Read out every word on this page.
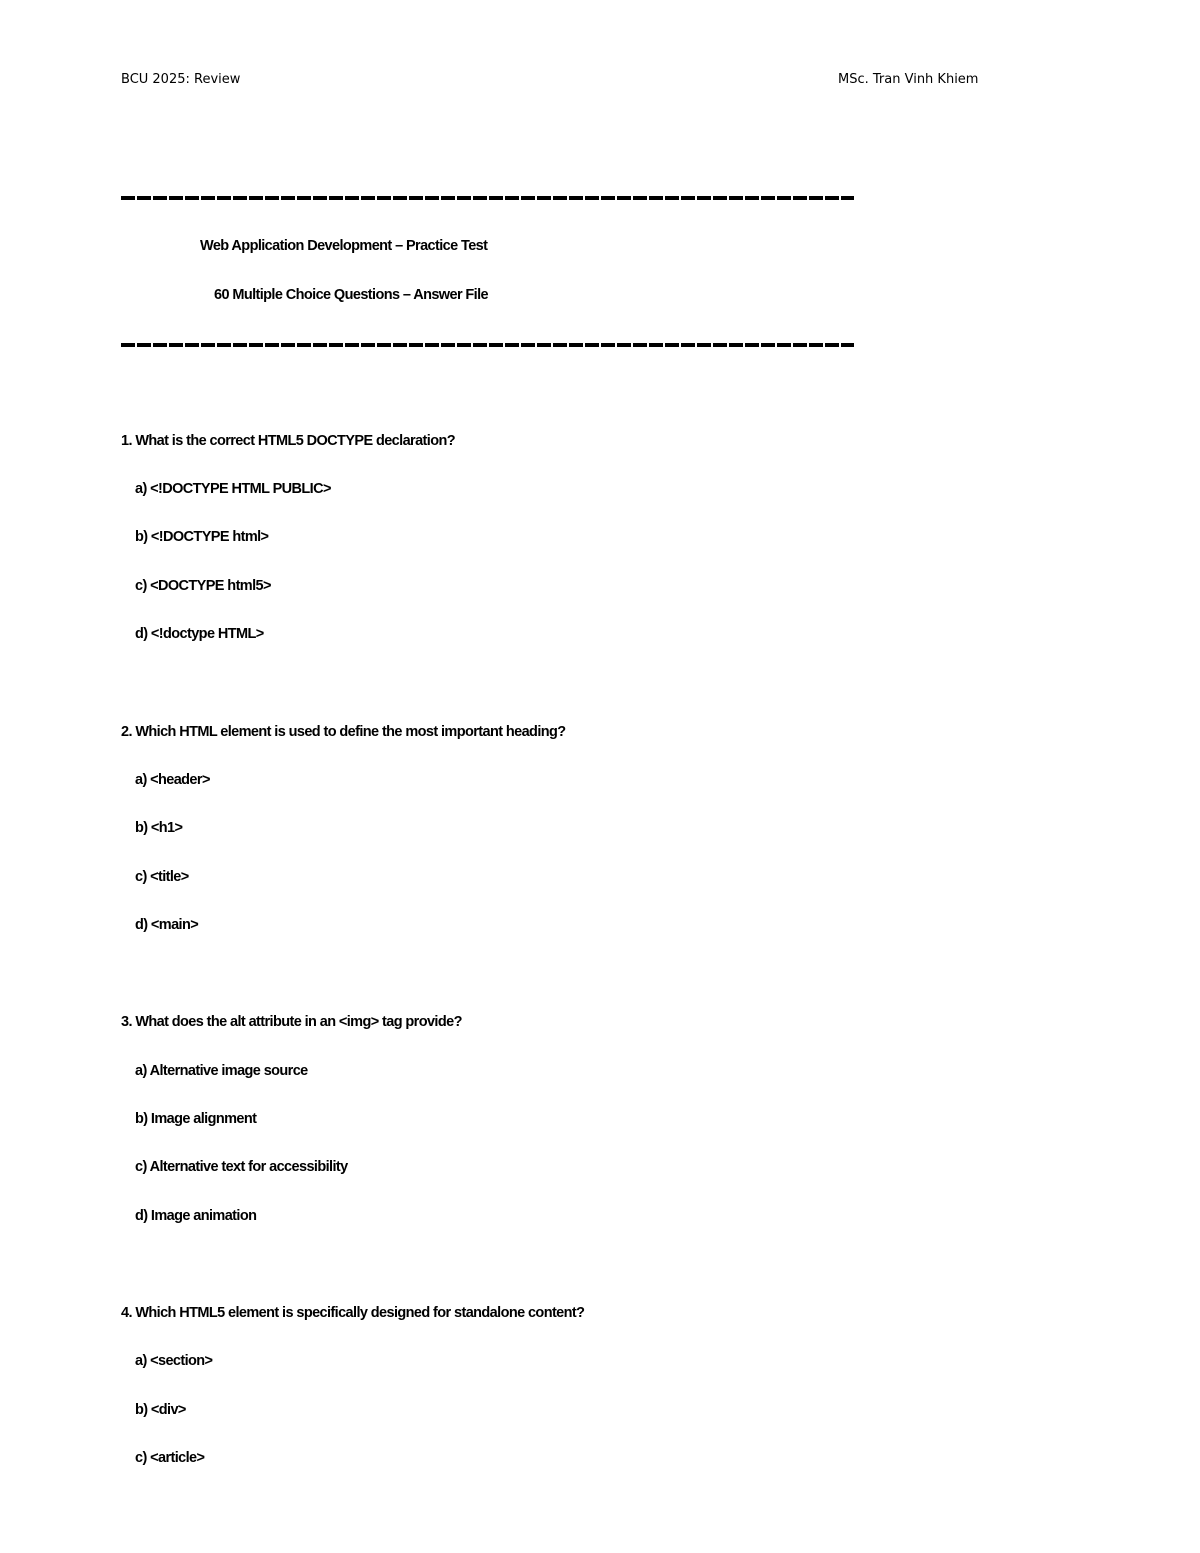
BCU 2025: Review	MSc. Tran Vinh Khiem
Web Application Development – Practice Test
60 Multiple Choice Questions – Answer File
1. What is the correct HTML5 DOCTYPE declaration?
a) <!DOCTYPE HTML PUBLIC>
b) <!DOCTYPE html>
c) <DOCTYPE html5>
d) <!doctype HTML>
2. Which HTML element is used to define the most important heading?
a) <header>
b) <h1>
c) <title>
d) <main>
3. What does the alt attribute in an <img> tag provide?
a) Alternative image source
b) Image alignment
c) Alternative text for accessibility
d) Image animation
4. Which HTML5 element is specifically designed for standalone content?
a) <section>
b) <div>
c) <article>
